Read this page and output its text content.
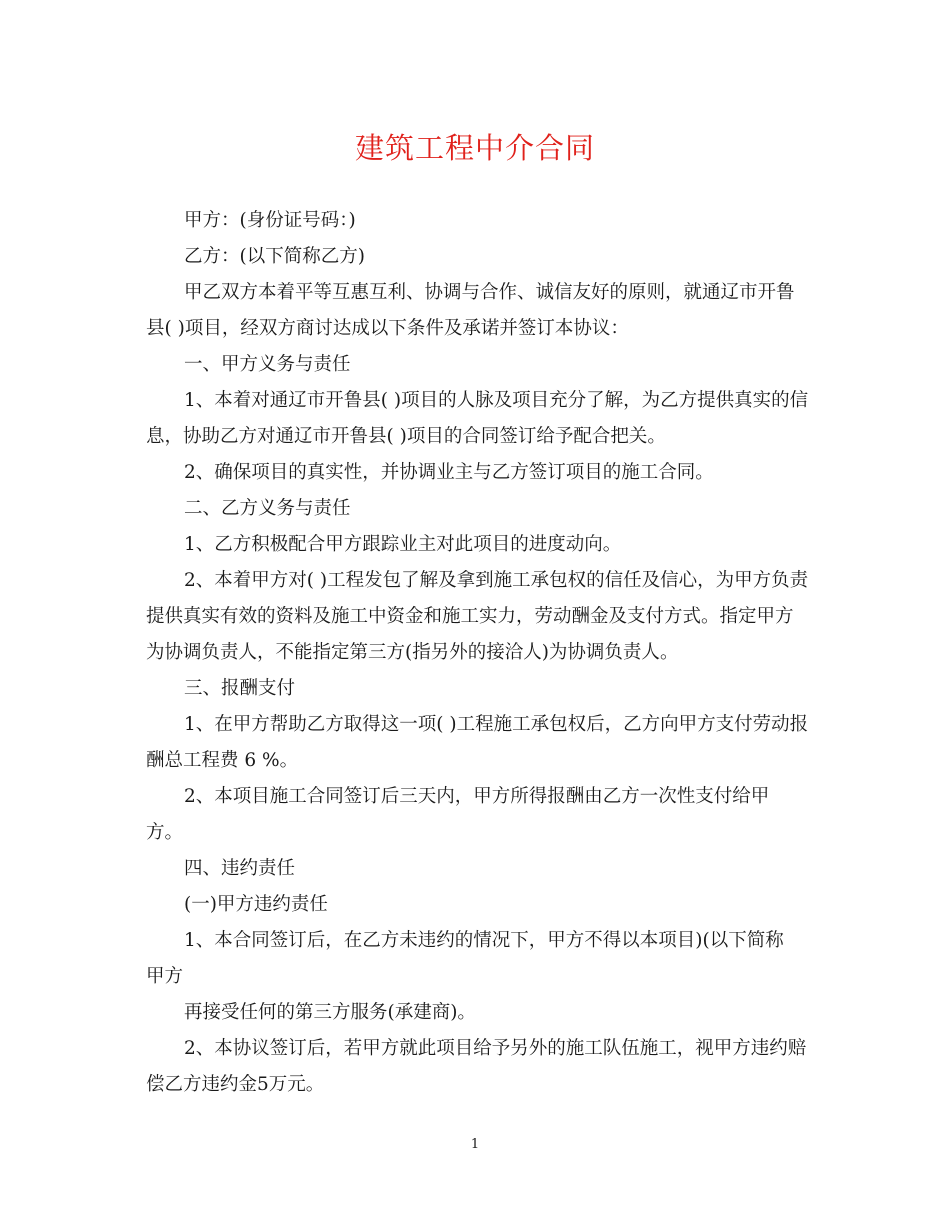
建筑工程中介合同

甲方：(身份证号码：)

乙方：(以下简称乙方)

甲乙双方本着平等互惠互利、协调与合作、诚信友好的原则，就通辽市开鲁县( )项目，经双方商讨达成以下条件及承诺并签订本协议：

一、甲方义务与责任

1、本着对通辽市开鲁县( )项目的人脉及项目充分了解，为乙方提供真实的信息，协助乙方对通辽市开鲁县( )项目的合同签订给予配合把关。

2、确保项目的真实性，并协调业主与乙方签订项目的施工合同。

二、乙方义务与责任

1、乙方积极配合甲方跟踪业主对此项目的进度动向。

2、本着甲方对( )工程发包了解及拿到施工承包权的信任及信心，为甲方负责提供真实有效的资料及施工中资金和施工实力，劳动酬金及支付方式。指定甲方为协调负责人，不能指定第三方(指另外的接洽人)为协调负责人。

三、报酬支付

1、在甲方帮助乙方取得这一项( )工程施工承包权后，乙方向甲方支付劳动报酬总工程费 6 %。

2、本项目施工合同签订后三天内，甲方所得报酬由乙方一次性支付给甲
方。

四、违约责任

(一)甲方违约责任

1、本合同签订后，在乙方未违约的情况下，甲方不得以本项目)(以下简称
甲方

再接受任何的第三方服务(承建商)。

2、本协议签订后，若甲方就此项目给予另外的施工队伍施工，视甲方违约赔偿乙方违约金5万元。

1
